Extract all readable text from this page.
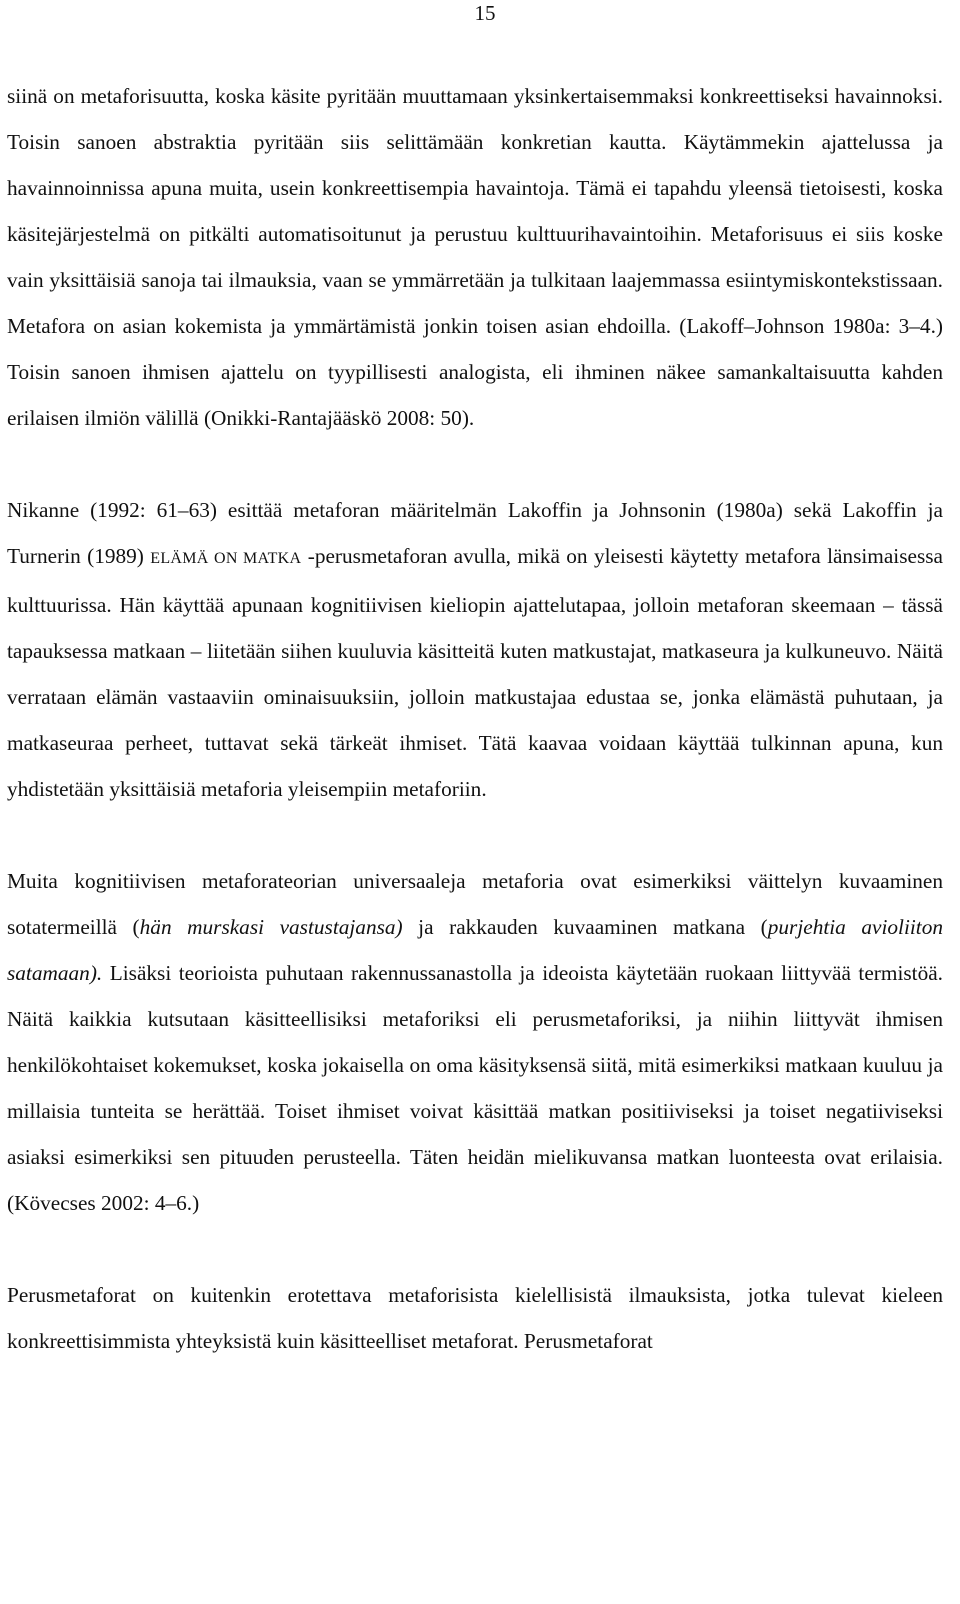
15

siinä on metaforisuutta, koska käsite pyritään muuttamaan yksinkertaisemmaksi konkreettiseksi havainnoksi. Toisin sanoen abstraktia pyritään siis selittämään konkretian kautta. Käytämmekin ajattelussa ja havainnoinnissa apuna muita, usein konkreettisempia havaintoja. Tämä ei tapahdu yleensä tietoisesti, koska käsitejärjestelmä on pitkälti automatisoitunut ja perustuu kulttuurihavaintoihin. Metaforisuus ei siis koske vain yksittäisiä sanoja tai ilmauksia, vaan se ymmärretään ja tulkitaan laajemmassa esiintymiskontekstissaan. Metafora on asian kokemista ja ymmärtämistä jonkin toisen asian ehdoilla. (Lakoff–Johnson 1980a: 3–4.) Toisin sanoen ihmisen ajattelu on tyypillisesti analogista, eli ihminen näkee samankaltaisuutta kahden erilaisen ilmiön välillä (Onikki-Rantajääskö 2008: 50).

Nikanne (1992: 61–63) esittää metaforan määritelmän Lakoffin ja Johnsonin (1980a) sekä Lakoffin ja Turnerin (1989) ELÄMÄ ON MATKA -perusmetaforan avulla, mikä on yleisesti käytetty metafora länsimaisessa kulttuurissa. Hän käyttää apunaan kognitiivisen kieliopin ajattelutapaa, jolloin metaforan skeemaan – tässä tapauksessa matkaan – liitetään siihen kuuluvia käsitteitä kuten matkustajat, matkaseura ja kulkuneuvo. Näitä verrataan elämän vastaaviin ominaisuuksiin, jolloin matkustajaa edustaa se, jonka elämästä puhutaan, ja matkaseuraa perheet, tuttavat sekä tärkeät ihmiset. Tätä kaavaa voidaan käyttää tulkinnan apuna, kun yhdistetään yksittäisiä metaforia yleisempiin metaforiin.

Muita kognitiivisen metaforateorian universaaleja metaforia ovat esimerkiksi väittelyn kuvaaminen sotatermeillä (hän murskasi vastustajansa) ja rakkauden kuvaaminen matkana (purjehtia avioliiton satamaan). Lisäksi teorioista puhutaan rakennussanastolla ja ideoista käytetään ruokaan liittyvää termistöä. Näitä kaikkia kutsutaan käsitteellisiksi metaforiksi eli perusmetaforiksi, ja niihin liittyvät ihmisen henkilökohtaiset kokemukset, koska jokaisella on oma käsityksensä siitä, mitä esimerkiksi matkaan kuuluu ja millaisia tunteita se herättää. Toiset ihmiset voivat käsittää matkan positiiviseksi ja toiset negatiiviseksi asiaksi esimerkiksi sen pituuden perusteella. Täten heidän mielikuvansa matkan luonteesta ovat erilaisia. (Kövecses 2002: 4–6.)

Perusmetaforat on kuitenkin erotettava metaforisista kielellisistä ilmauksista, jotka tulevat kieleen konkreettisimmista yhteyksistä kuin käsitteelliset metaforat. Perusmetaforat
